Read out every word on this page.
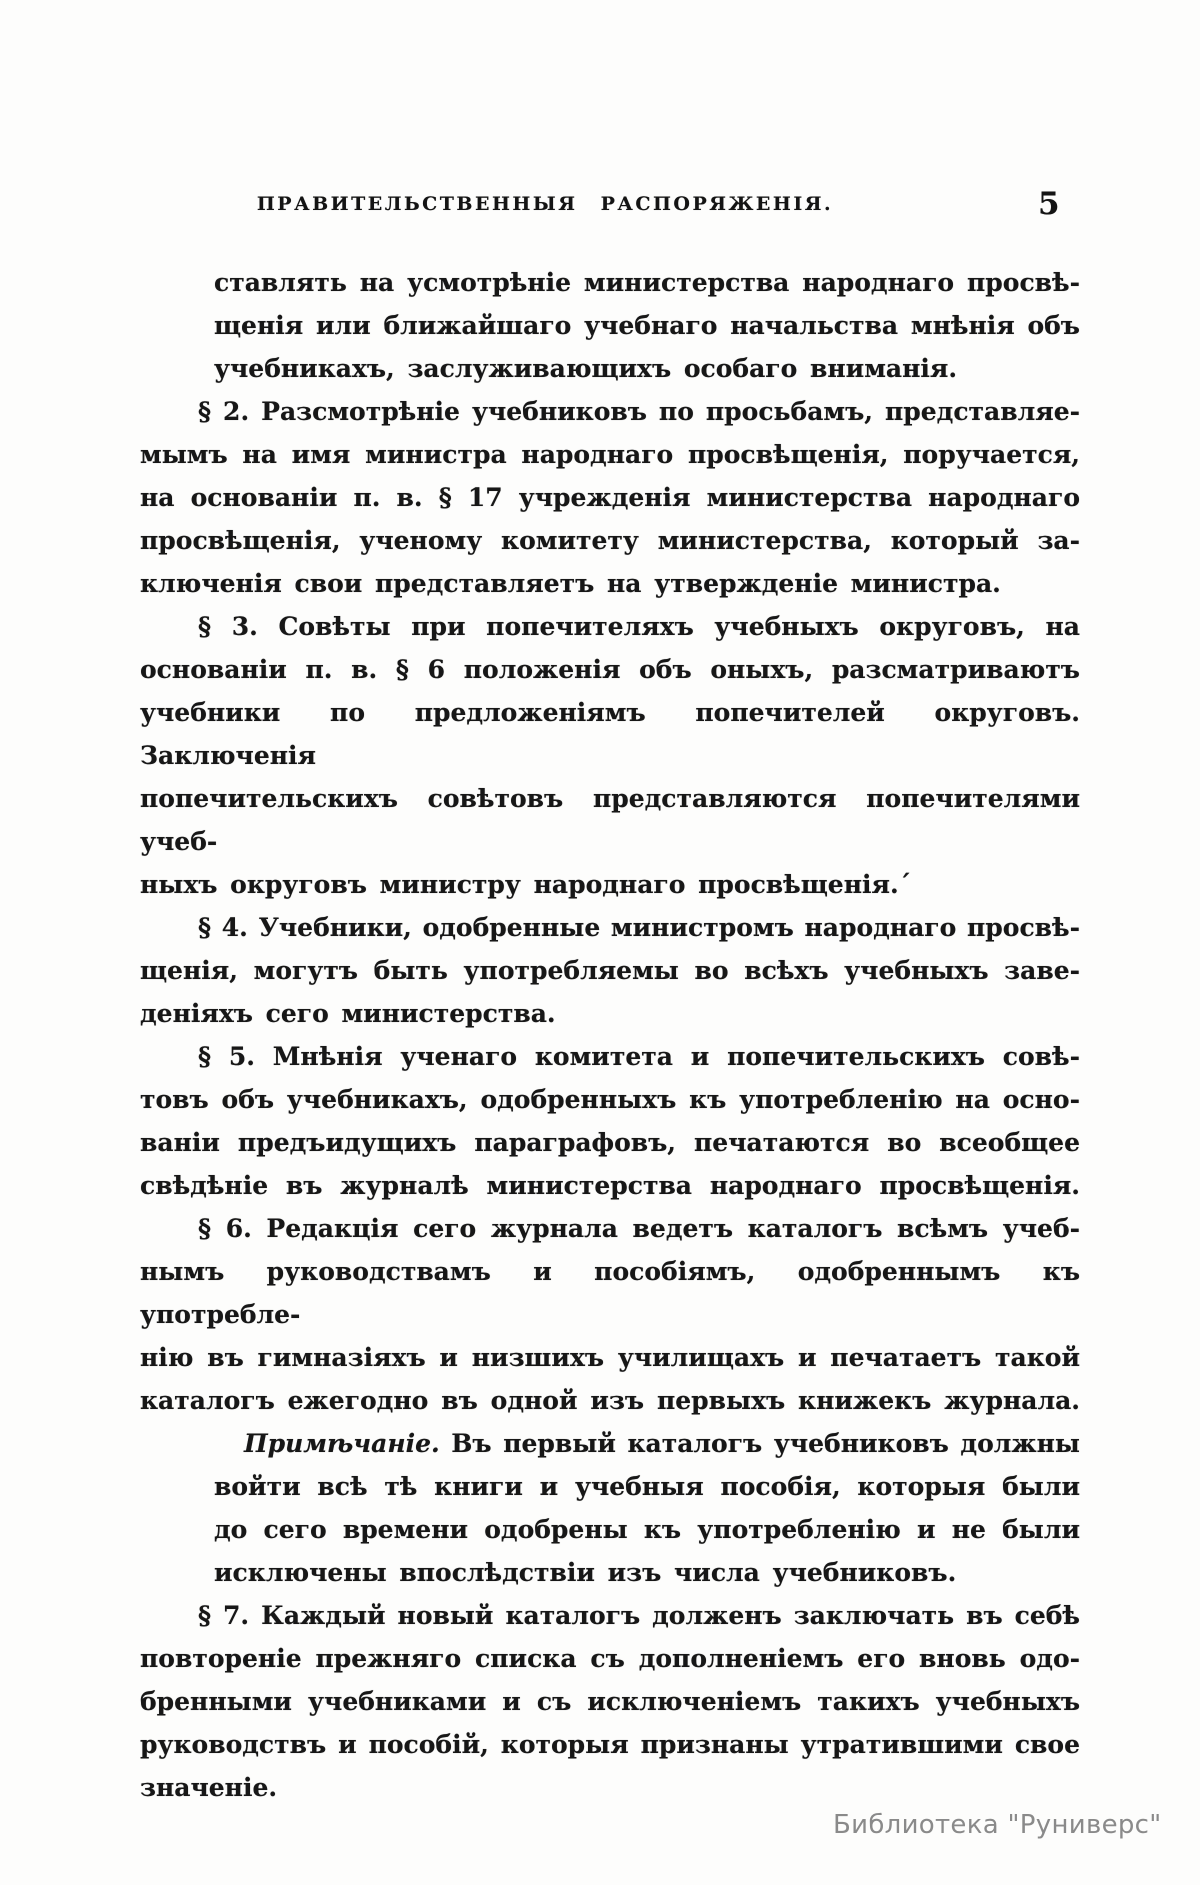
ПРАВИТЕЛЬСТВЕННЫЯ РАСПОРЯЖЕНІЯ.	5
ставлять на усмотрѣніе министерства народнаго просвѣ-
щенія или ближайшаго учебнаго начальства мнѣнія объ
учебникахъ, заслуживающихъ особаго вниманія.
§ 2. Разсмотрѣніе учебниковъ по просьбамъ, представляе-
мымъ на имя министра народнаго просвѣщенія, поручается,
на основаніи п. в. § 17 учрежденія министерства народнаго
просвѣщенія, ученому комитету министерства, который за-
ключенія свои представляетъ на утвержденіе министра.
§ 3. Совѣты при попечителяхъ учебныхъ округовъ, на
основаніи п. в. § 6 положенія объ оныхъ, разсматриваютъ
учебники по предложеніямъ попечителей округовъ. Заключенія
попечительскихъ совѣтовъ представляются попечителями учеб-
ныхъ округовъ министру народнаго просвѣщенія.´
§ 4. Учебники, одобренные министромъ народнаго просвѣ-
щенія, могутъ быть употребляемы во всѣхъ учебныхъ заве-
деніяхъ сего министерства.
§ 5. Мнѣнія ученаго комитета и попечительскихъ совѣ-
товъ объ учебникахъ, одобренныхъ къ употребленію на осно-
ваніи предъидущихъ параграфовъ, печатаются во всеобщее
свѣдѣніе въ журналѣ министерства народнаго просвѣщенія.
§ 6. Редакція сего журнала ведетъ каталогъ всѣмъ учеб-
нымъ руководствамъ и пособіямъ, одобреннымъ къ употребле-
нію въ гимназіяхъ и низшихъ училищахъ и печатаетъ такой
каталогъ ежегодно въ одной изъ первыхъ книжекъ журнала.
Примѣчаніе. Въ первый каталогъ учебниковъ должны
войти всѣ тѣ книги и учебныя пособія, которыя были
до сего времени одобрены къ употребленію и не были
исключены впослѣдствіи изъ числа учебниковъ.
§ 7. Каждый новый каталогъ долженъ заключать въ себѣ
повтореніе прежняго списка съ дополненіемъ его вновь одо-
бренными учебниками и съ исключеніемъ такихъ учебныхъ
руководствъ и пособій, которыя признаны утратившими свое
значеніе.
Библиотека "Руниверс"
